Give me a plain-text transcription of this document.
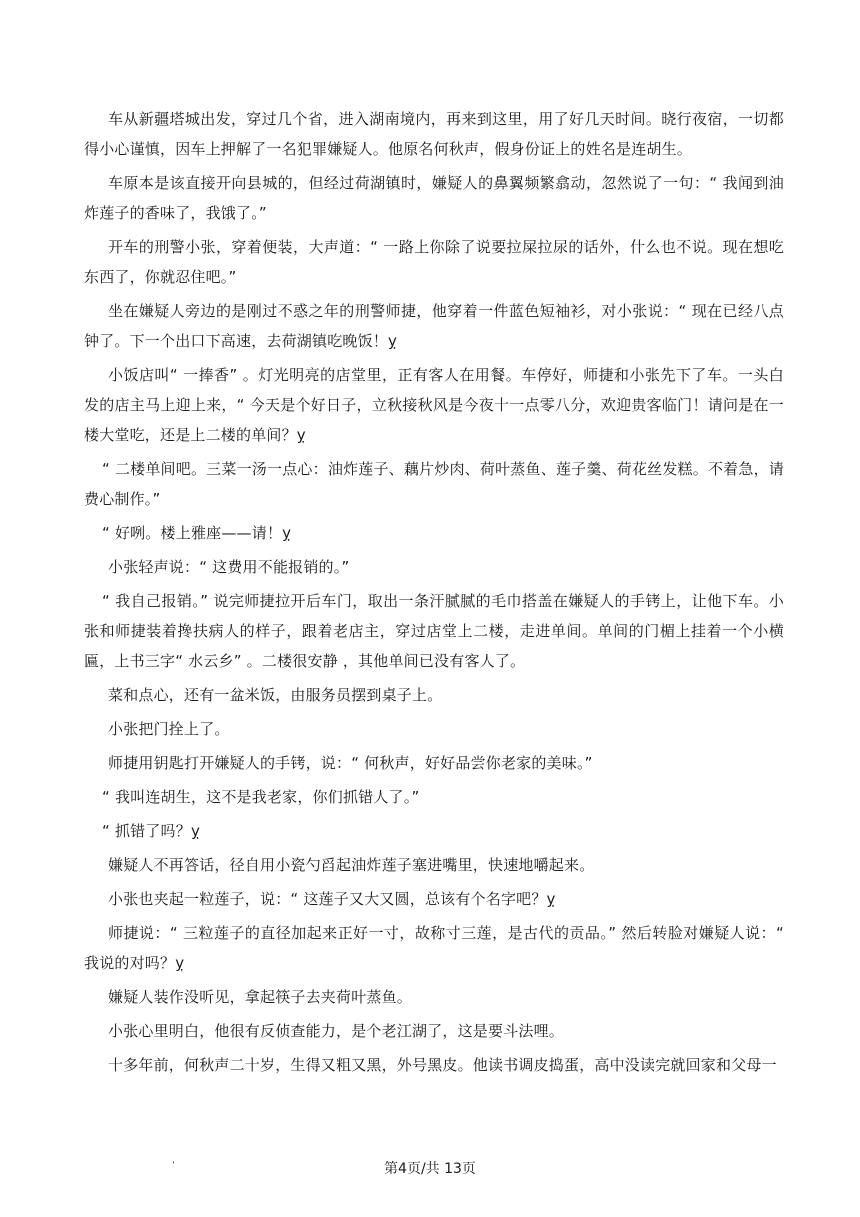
车从新疆塔城出发，穿过几个省，进入湖南境内，再来到这里，用了好几天时间。晓行夜宿，一切都得小心谨慎，因车上押解了一名犯罪嫌疑人。他原名何秋声，假身份证上的姓名是连胡生。

车原本是该直接开向县城的，但经过荷湖镇时，嫌疑人的鼻翼频繁翕动，忽然说了一句：“ 我闻到油炸莲子的香味了，我饿了。”

开车的刑警小张，穿着便装，大声道：“ 一路上你除了说要拉屎拉尿的话外，什么也不说。现在想吃东西了，你就忍住吧。”

坐在嫌疑人旁边的是刚过不惑之年的刑警师捷，他穿着一件蓝色短袖衫，对小张说：“ 现在已经八点钟了。下一个出口下高速，去荷湖镇吃晚饭！ỵ

小饭店叫“ 一捧香” 。灯光明亮的店堂里，正有客人在用餐。车停好，师捷和小张先下了车。一头白发的店主马上迎上来，“ 今天是个好日子，立秋接秋风是今夜十一点零八分，欢迎贵客临门！请问是在一楼大堂吃，还是上二楼的单间？ỵ

“ 二楼单间吧。三菜一汤一点心：油炸莲子、藕片炒肉、荷叶蒸鱼、莲子羹、荷花丝发糕。不着急，请费心制作。”

“ 好咧。楼上雅座——请！ỵ

小张轻声说：“ 这费用不能报销的。”

“ 我自己报销。” 说完师捷拉开后车门，取出一条汗腻腻的毛巾搭盖在嫌疑人的手铐上，让他下车。小张和师捷装着搀扶病人的样子，跟着老店主，穿过店堂上二楼，走进单间。单间的门楣上挂着一个小横匾，上书三字“ 水云乡” 。二楼很安静 ，其他单间已没有客人了。

菜和点心，还有一盆米饭，由服务员摆到桌子上。

小张把门拴上了。

师捷用钥匙打开嫌疑人的手铐，说：“ 何秋声，好好品尝你老家的美味。”

“ 我叫连胡生，这不是我老家，你们抓错人了。”

“ 抓错了吗？ỵ

嫌疑人不再答话，径自用小瓷勺舀起油炸莲子塞进嘴里，快速地嚼起来。

小张也夹起一粒莲子，说：“ 这莲子又大又圆，总该有个名字吧？ỵ

师捷说：“ 三粒莲子的直径加起来正好一寸，故称寸三莲，是古代的贡品。” 然后转脸对嫌疑人说：“ 我说的对吗？ỵ

嫌疑人装作没听见，拿起筷子去夹荷叶蒸鱼。

小张心里明白，他很有反侦查能力，是个老江湖了，这是要斗法哩。

十多年前，何秋声二十岁，生得又粗又黑，外号黑皮。他读书调皮捣蛋，高中没读完就回家和父母一

'	第4页/共 13页
